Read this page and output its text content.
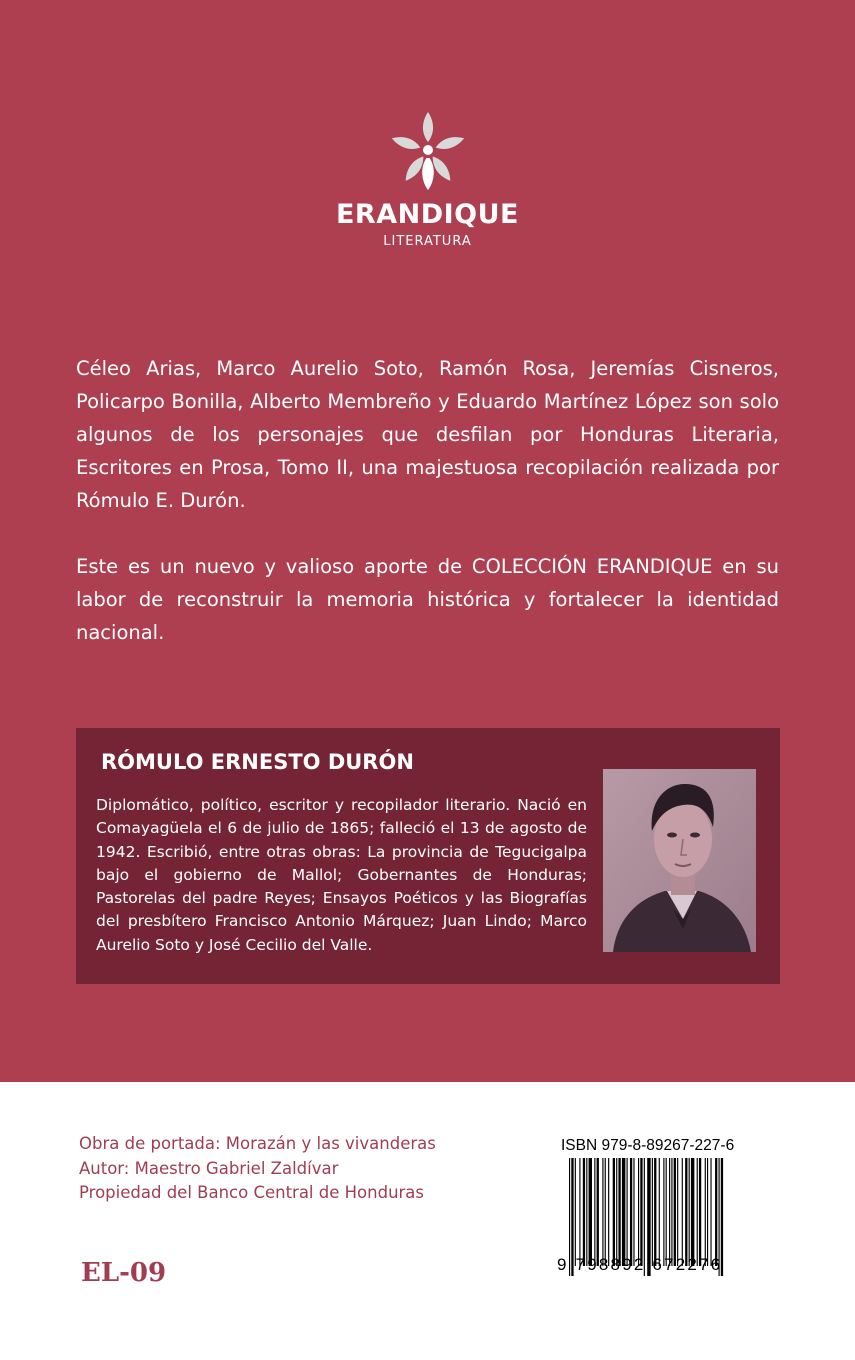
ERANDIQUE
LITERATURA

Céleo Arias, Marco Aurelio Soto, Ramón Rosa, Jeremías Cisneros, Policarpo Bonilla, Alberto Membreño y Eduardo Martínez López son solo algunos de los personajes que desfilan por Honduras Literaria, Escritores en Prosa, Tomo II, una majestuosa recopilación realizada por Rómulo E. Durón.

Este es un nuevo y valioso aporte de COLECCIÓN ERANDIQUE en su labor de reconstruir la memoria histórica y fortalecer la identidad nacional.

RÓMULO ERNESTO DURÓN

Diplomático, político, escritor y recopilador literario. Nació en Comayagüela el 6 de julio de 1865; falleció el 13 de agosto de 1942. Escribió, entre otras obras: La provincia de Tegucigalpa bajo el gobierno de Mallol; Gobernantes de Honduras; Pastorelas del padre Reyes; Ensayos Poéticos y las Biografías del presbítero Francisco Antonio Márquez; Juan Lindo; Marco Aurelio Soto y José Cecilio del Valle.

Obra de portada: Morazán y las vivanderas
Autor: Maestro Gabriel Zaldívar
Propiedad del Banco Central de Honduras
EL-09
ISBN 979-8-89267-227-6
9 798892 672276
